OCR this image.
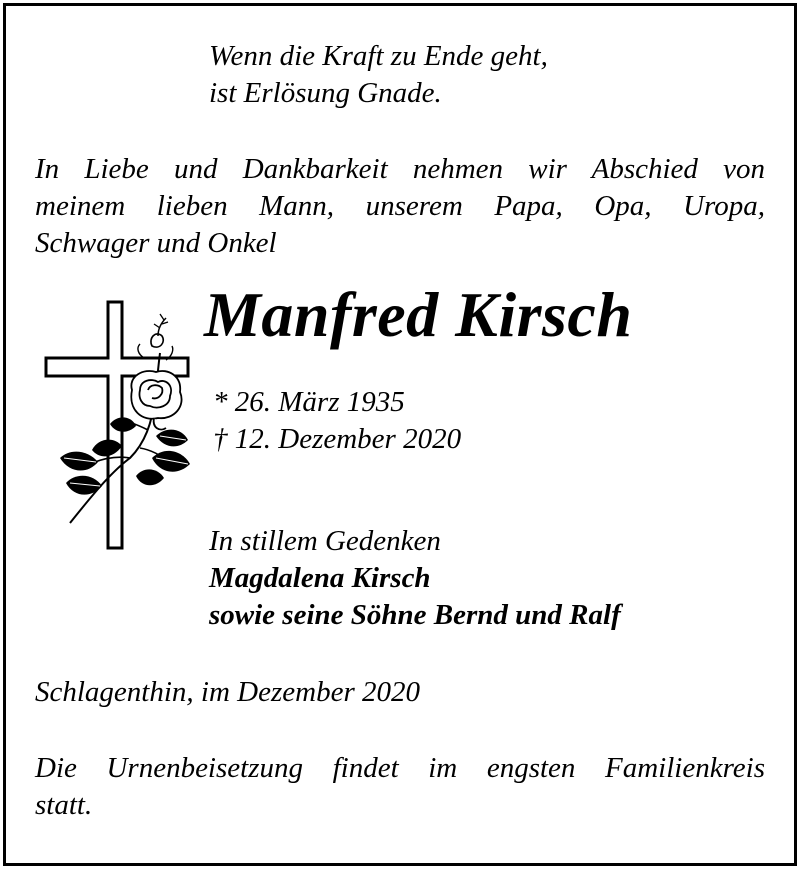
Wenn die Kraft zu Ende geht,
ist Erlösung Gnade.
In Liebe und Dankbarkeit nehmen wir Abschied von
meinem lieben Mann, unserem Papa, Opa, Uropa,
Schwager und Onkel
Manfred Kirsch
* 26. März 1935
† 12. Dezember 2020
In stillem Gedenken
Magdalena Kirsch
sowie seine Söhne Bernd und Ralf
Schlagenthin, im Dezember 2020
Die Urnenbeisetzung findet im engsten Familienkreis
statt.
